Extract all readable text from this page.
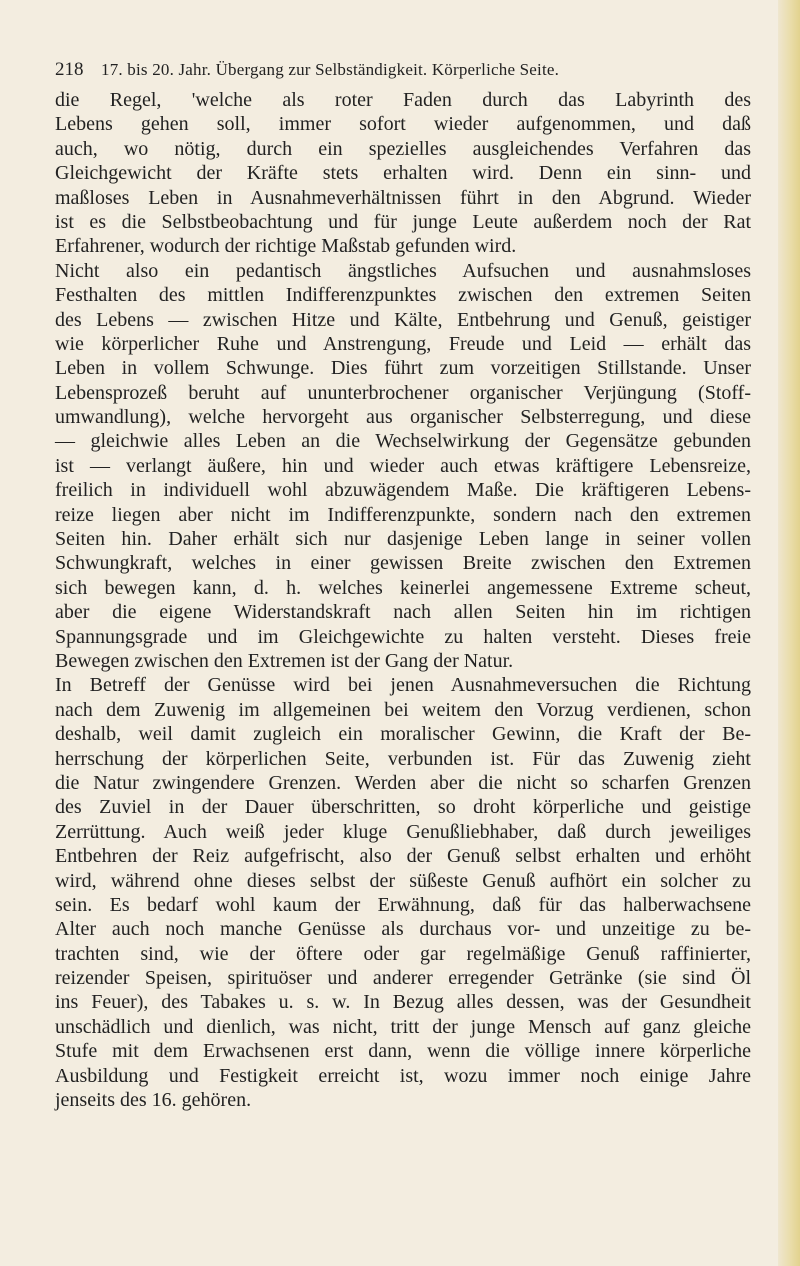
218 17. bis 20. Jahr. Übergang zur Selbständigkeit. Körperliche Seite.
die Regel, 'welche als roter Faden durch das Labyrinth des
Lebens gehen soll, immer sofort wieder aufgenommen, und daß
auch, wo nötig, durch ein spezielles ausgleichendes Verfahren das
Gleichgewicht der Kräfte stets erhalten wird. Denn ein sinn- und
maßloses Leben in Ausnahmeverhältnissen führt in den Abgrund. Wieder
ist es die Selbstbeobachtung und für junge Leute außerdem noch der Rat
Erfahrener, wodurch der richtige Maßstab gefunden wird.
Nicht also ein pedantisch ängstliches Aufsuchen und ausnahmsloses
Festhalten des mittlen Indifferenzpunktes zwischen den extremen Seiten
des Lebens — zwischen Hitze und Kälte, Entbehrung und Genuß, geistiger
wie körperlicher Ruhe und Anstrengung, Freude und Leid — erhält das
Leben in vollem Schwunge. Dies führt zum vorzeitigen Stillstande. Unser
Lebensprozeß beruht auf ununterbrochener organischer Verjüngung (Stoff-
umwandlung), welche hervorgeht aus organischer Selbsterregung, und diese
— gleichwie alles Leben an die Wechselwirkung der Gegensätze gebunden
ist — verlangt äußere, hin und wieder auch etwas kräftigere Lebensreize,
freilich in individuell wohl abzuwägendem Maße. Die kräftigeren Lebens-
reize liegen aber nicht im Indifferenzpunkte, sondern nach den extremen
Seiten hin. Daher erhält sich nur dasjenige Leben lange in seiner vollen
Schwungkraft, welches in einer gewissen Breite zwischen den Extremen
sich bewegen kann, d. h. welches keinerlei angemessene Extreme scheut,
aber die eigene Widerstandskraft nach allen Seiten hin im richtigen
Spannungsgrade und im Gleichgewichte zu halten versteht. Dieses freie
Bewegen zwischen den Extremen ist der Gang der Natur.
In Betreff der Genüsse wird bei jenen Ausnahmeversuchen die Richtung
nach dem Zuwenig im allgemeinen bei weitem den Vorzug verdienen, schon
deshalb, weil damit zugleich ein moralischer Gewinn, die Kraft der Be-
herrschung der körperlichen Seite, verbunden ist. Für das Zuwenig zieht
die Natur zwingendere Grenzen. Werden aber die nicht so scharfen Grenzen
des Zuviel in der Dauer überschritten, so droht körperliche und geistige
Zerrüttung. Auch weiß jeder kluge Genußliebhaber, daß durch jeweiliges
Entbehren der Reiz aufgefrischt, also der Genuß selbst erhalten und erhöht
wird, während ohne dieses selbst der süßeste Genuß aufhört ein solcher zu
sein. Es bedarf wohl kaum der Erwähnung, daß für das halberwachsene
Alter auch noch manche Genüsse als durchaus vor- und unzeitige zu be-
trachten sind, wie der öftere oder gar regelmäßige Genuß raffinierter,
reizender Speisen, spirituöser und anderer erregender Getränke (sie sind Öl
ins Feuer), des Tabakes u. s. w. In Bezug alles dessen, was der Gesundheit
unschädlich und dienlich, was nicht, tritt der junge Mensch auf ganz gleiche
Stufe mit dem Erwachsenen erst dann, wenn die völlige innere körperliche
Ausbildung und Festigkeit erreicht ist, wozu immer noch einige Jahre
jenseits des 16. gehören.
